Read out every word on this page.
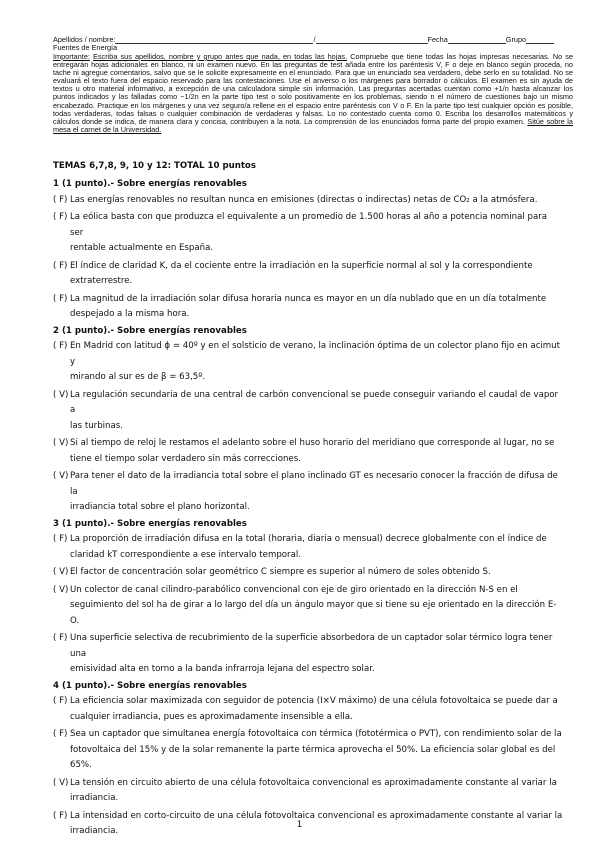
Apellidos / nombre:	/	Fecha	Grupo
Fuentes de Energía
Importante: Escriba sus apellidos, nombre y grupo antes que nada, en todas las hojas. Compruebe que tiene todas las hojas impresas necesarias. No se entregarán hojas adicionales en blanco, ni un examen nuevo. En las preguntas de test añada entre los paréntesis V, F o deje en blanco según proceda, no tache ni agregue comentarios, salvo que se le solicite expresamente en el enunciado. Para que un enunciado sea verdadero, debe serlo en su totalidad. No se evaluará el texto fuera del espacio reservado para las contestaciones. Use el anverso o los márgenes para borrador o cálculos. El examen es sin ayuda de textos u otro material informativo, a excepción de una calculadora simple sin información. Las preguntas acertadas cuentan como +1/n hasta alcanzar los puntos indicados y las falladas como −1/2n en la parte tipo test o solo positivamente en los problemas, siendo n el número de cuestiones bajo un mismo encabezado. Practique en los márgenes y una vez seguro/a rellene en el espacio entre paréntesis con V o F. En la parte tipo test cualquier opción es posible, todas verdaderas, todas falsas o cualquier combinación de verdaderas y falsas. Lo no contestado cuenta como 0. Escriba los desarrollos matemáticos y cálculos donde se indica, de manera clara y concisa, contribuyen a la nota. La comprensión de los enunciados forma parte del propio examen. Sitúe sobre la mesa el carnet de la Universidad.
TEMAS 6,7,8, 9, 10 y 12: TOTAL 10 puntos
1 (1 punto).- Sobre energías renovables
( F) Las energías renovables no resultan nunca en emisiones (directas o indirectas) netas de CO₂ a la atmósfera.
( F) La eólica basta con que produzca el equivalente a un promedio de 1.500 horas al año a potencia nominal para ser
rentable actualmente en España.
( F) El índice de claridad K, da el cociente entre la irradiación en la superficie normal al sol y la correspondiente
extraterrestre.
( F) La magnitud de la irradiación solar difusa horaria nunca es mayor en un día nublado que en un día totalmente
despejado a la misma hora.
2 (1 punto).- Sobre energías renovables
( F) En Madrid con latitud ϕ = 40º y en el solsticio de verano, la inclinación óptima de un colector plano fijo en acimut y
mirando al sur es de β = 63,5º.
( V) La regulación secundaria de una central de carbón convencional se puede conseguir variando el caudal de vapor a
las turbinas.
( V) Si al tiempo de reloj le restamos el adelanto sobre el huso horario del meridiano que corresponde al lugar, no se
tiene el tiempo solar verdadero sin más correcciones.
( V) Para tener el dato de la irradiancia total sobre el plano inclinado GT es necesario conocer la fracción de difusa de la
irradiancia total sobre el plano horizontal.
3 (1 punto).- Sobre energías renovables
( F) La proporción de irradiación difusa en la total (horaria, diaria o mensual) decrece globalmente con el índice de
claridad kT correspondiente a ese intervalo temporal.
( V) El factor de concentración solar geométrico C siempre es superior al número de soles obtenido S.
( V) Un colector de canal cilindro-parabólico convencional con eje de giro orientado en la dirección N-S en el
seguimiento del sol ha de girar a lo largo del día un ángulo mayor que si tiene su eje orientado en la dirección E-O.
( F) Una superficie selectiva de recubrimiento de la superficie absorbedora de un captador solar térmico logra tener una
emisividad alta en torno a la banda infrarroja lejana del espectro solar.
4 (1 punto).- Sobre energías renovables
( F) La eficiencia solar maximizada con seguidor de potencia (I×V máximo) de una célula fotovoltaica se puede dar a
cualquier irradiancia, pues es aproximadamente insensible a ella.
( F) Sea un captador que simultanea energía fotovoltaica con térmica (fototérmica o PVT), con rendimiento solar de la
fotovoltaica del 15% y de la solar remanente la parte térmica aprovecha el 50%. La eficiencia solar global es del
65%.
( V) La tensión en circuito abierto de una célula fotovoltaica convencional es aproximadamente constante al variar la
irradiancia.
( F) La intensidad en corto-circuito de una célula fotovoltaica convencional es aproximadamente constante al variar la
irradiancia.
1
